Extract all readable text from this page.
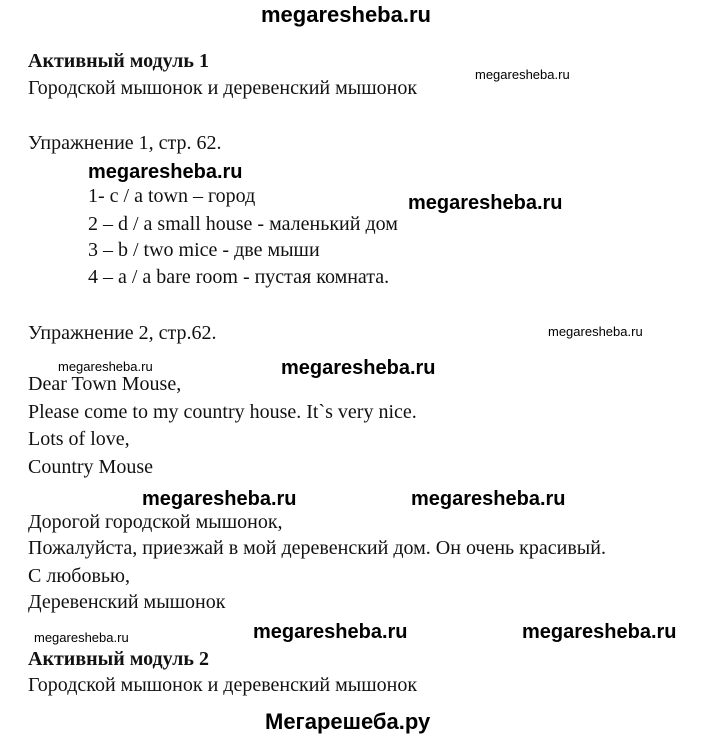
megaresheba.ru
Активный модуль 1
megaresheba.ru
Городской мышонок и деревенский мышонок
Упражнение 1, стр. 62.
megaresheba.ru
1- c / a town – город	megaresheba.ru
2 – d / a small house - маленький дом
3 – b / two mice - две мыши
4 – a / a bare room - пустая комната.
Упражнение 2, стр.62.	megaresheba.ru
megaresheba.ru	megaresheba.ru
Dear Town Mouse,
Please come to my country house. It`s very nice.
Lots of love,
Country Mouse
megaresheba.ru	megaresheba.ru
Дорогой городской мышонок,
Пожалуйста, приезжай в мой деревенский дом. Он очень красивый.
С любовью,
Деревенский мышонок
megaresheba.ru	megaresheba.ru	megaresheba.ru
Активный модуль 2
Городской мышонок и деревенский мышонок
Мегарешеба.ру
